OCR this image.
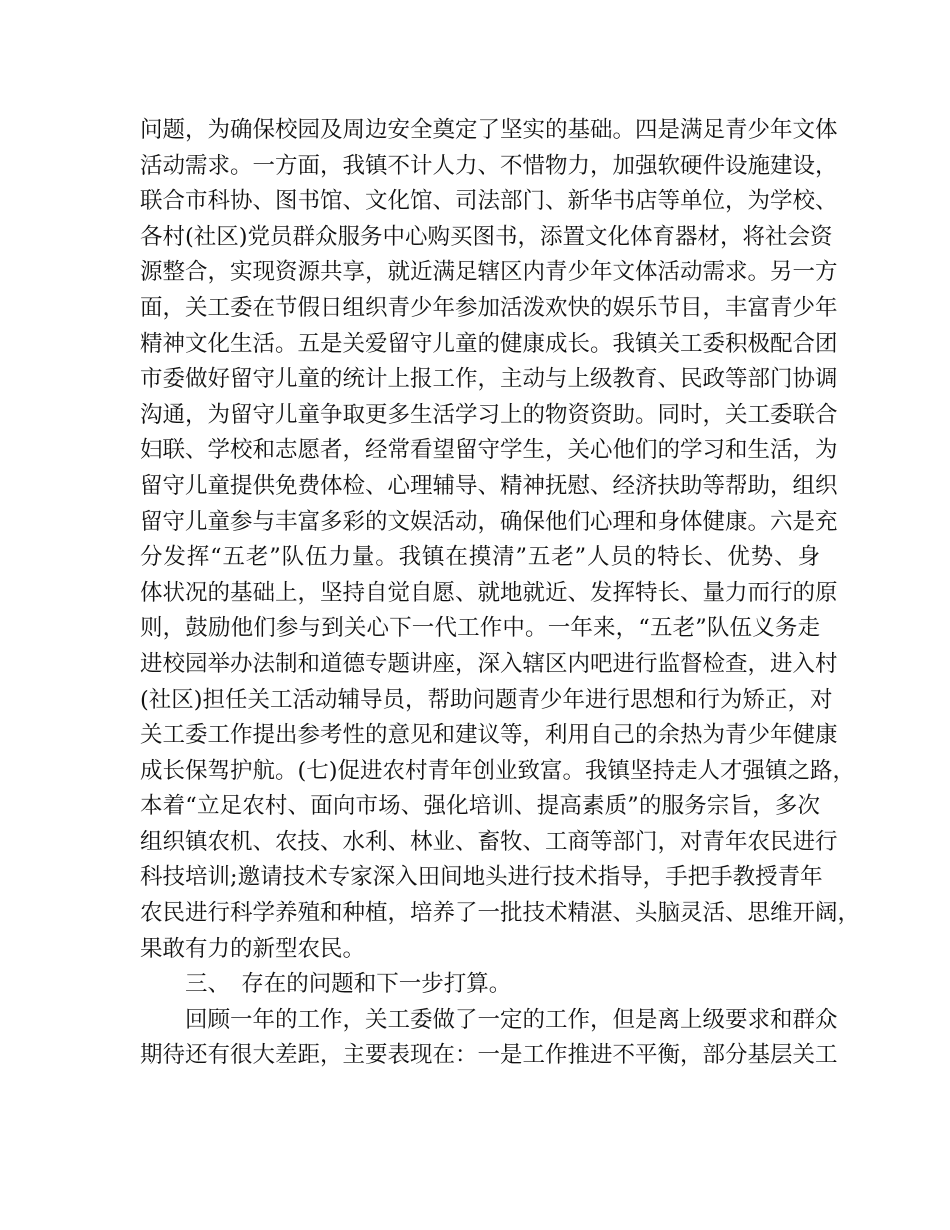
问题，为确保校园及周边安全奠定了坚实的基础。四是满足青少年文体
活动需求。一方面，我镇不计人力、不惜物力，加强软硬件设施建设，
联合市科协、图书馆、文化馆、司法部门、新华书店等单位，为学校、
各村(社区)党员群众服务中心购买图书，添置文化体育器材，将社会资
源整合，实现资源共享，就近满足辖区内青少年文体活动需求。另一方
面，关工委在节假日组织青少年参加活泼欢快的娱乐节目，丰富青少年
精神文化生活。五是关爱留守儿童的健康成长。我镇关工委积极配合团
市委做好留守儿童的统计上报工作，主动与上级教育、民政等部门协调
沟通，为留守儿童争取更多生活学习上的物资资助。同时，关工委联合
妇联、学校和志愿者，经常看望留守学生，关心他们的学习和生活，为
留守儿童提供免费体检、心理辅导、精神抚慰、经济扶助等帮助，组织
留守儿童参与丰富多彩的文娱活动，确保他们心理和身体健康。六是充
分发挥“五老”队伍力量。我镇在摸清”五老”人员的特长、优势、身
体状况的基础上，坚持自觉自愿、就地就近、发挥特长、量力而行的原
则，鼓励他们参与到关心下一代工作中。一年来，“五老”队伍义务走
进校园举办法制和道德专题讲座，深入辖区内吧进行监督检查，进入村
(社区)担任关工活动辅导员，帮助问题青少年进行思想和行为矫正，对
关工委工作提出参考性的意见和建议等，利用自己的余热为青少年健康
成长保驾护航。(七)促进农村青年创业致富。我镇坚持走人才强镇之路，
本着“立足农村、面向市场、强化培训、提高素质”的服务宗旨，多次
组织镇农机、农技、水利、林业、畜牧、工商等部门，对青年农民进行
科技培训;邀请技术专家深入田间地头进行技术指导，手把手教授青年
农民进行科学养殖和种植，培养了一批技术精湛、头脑灵活、思维开阔，
果敢有力的新型农民。
　　三、　存在的问题和下一步打算。
　　回顾一年的工作，关工委做了一定的工作，但是离上级要求和群众
期待还有很大差距，主要表现在：一是工作推进不平衡，部分基层关工
